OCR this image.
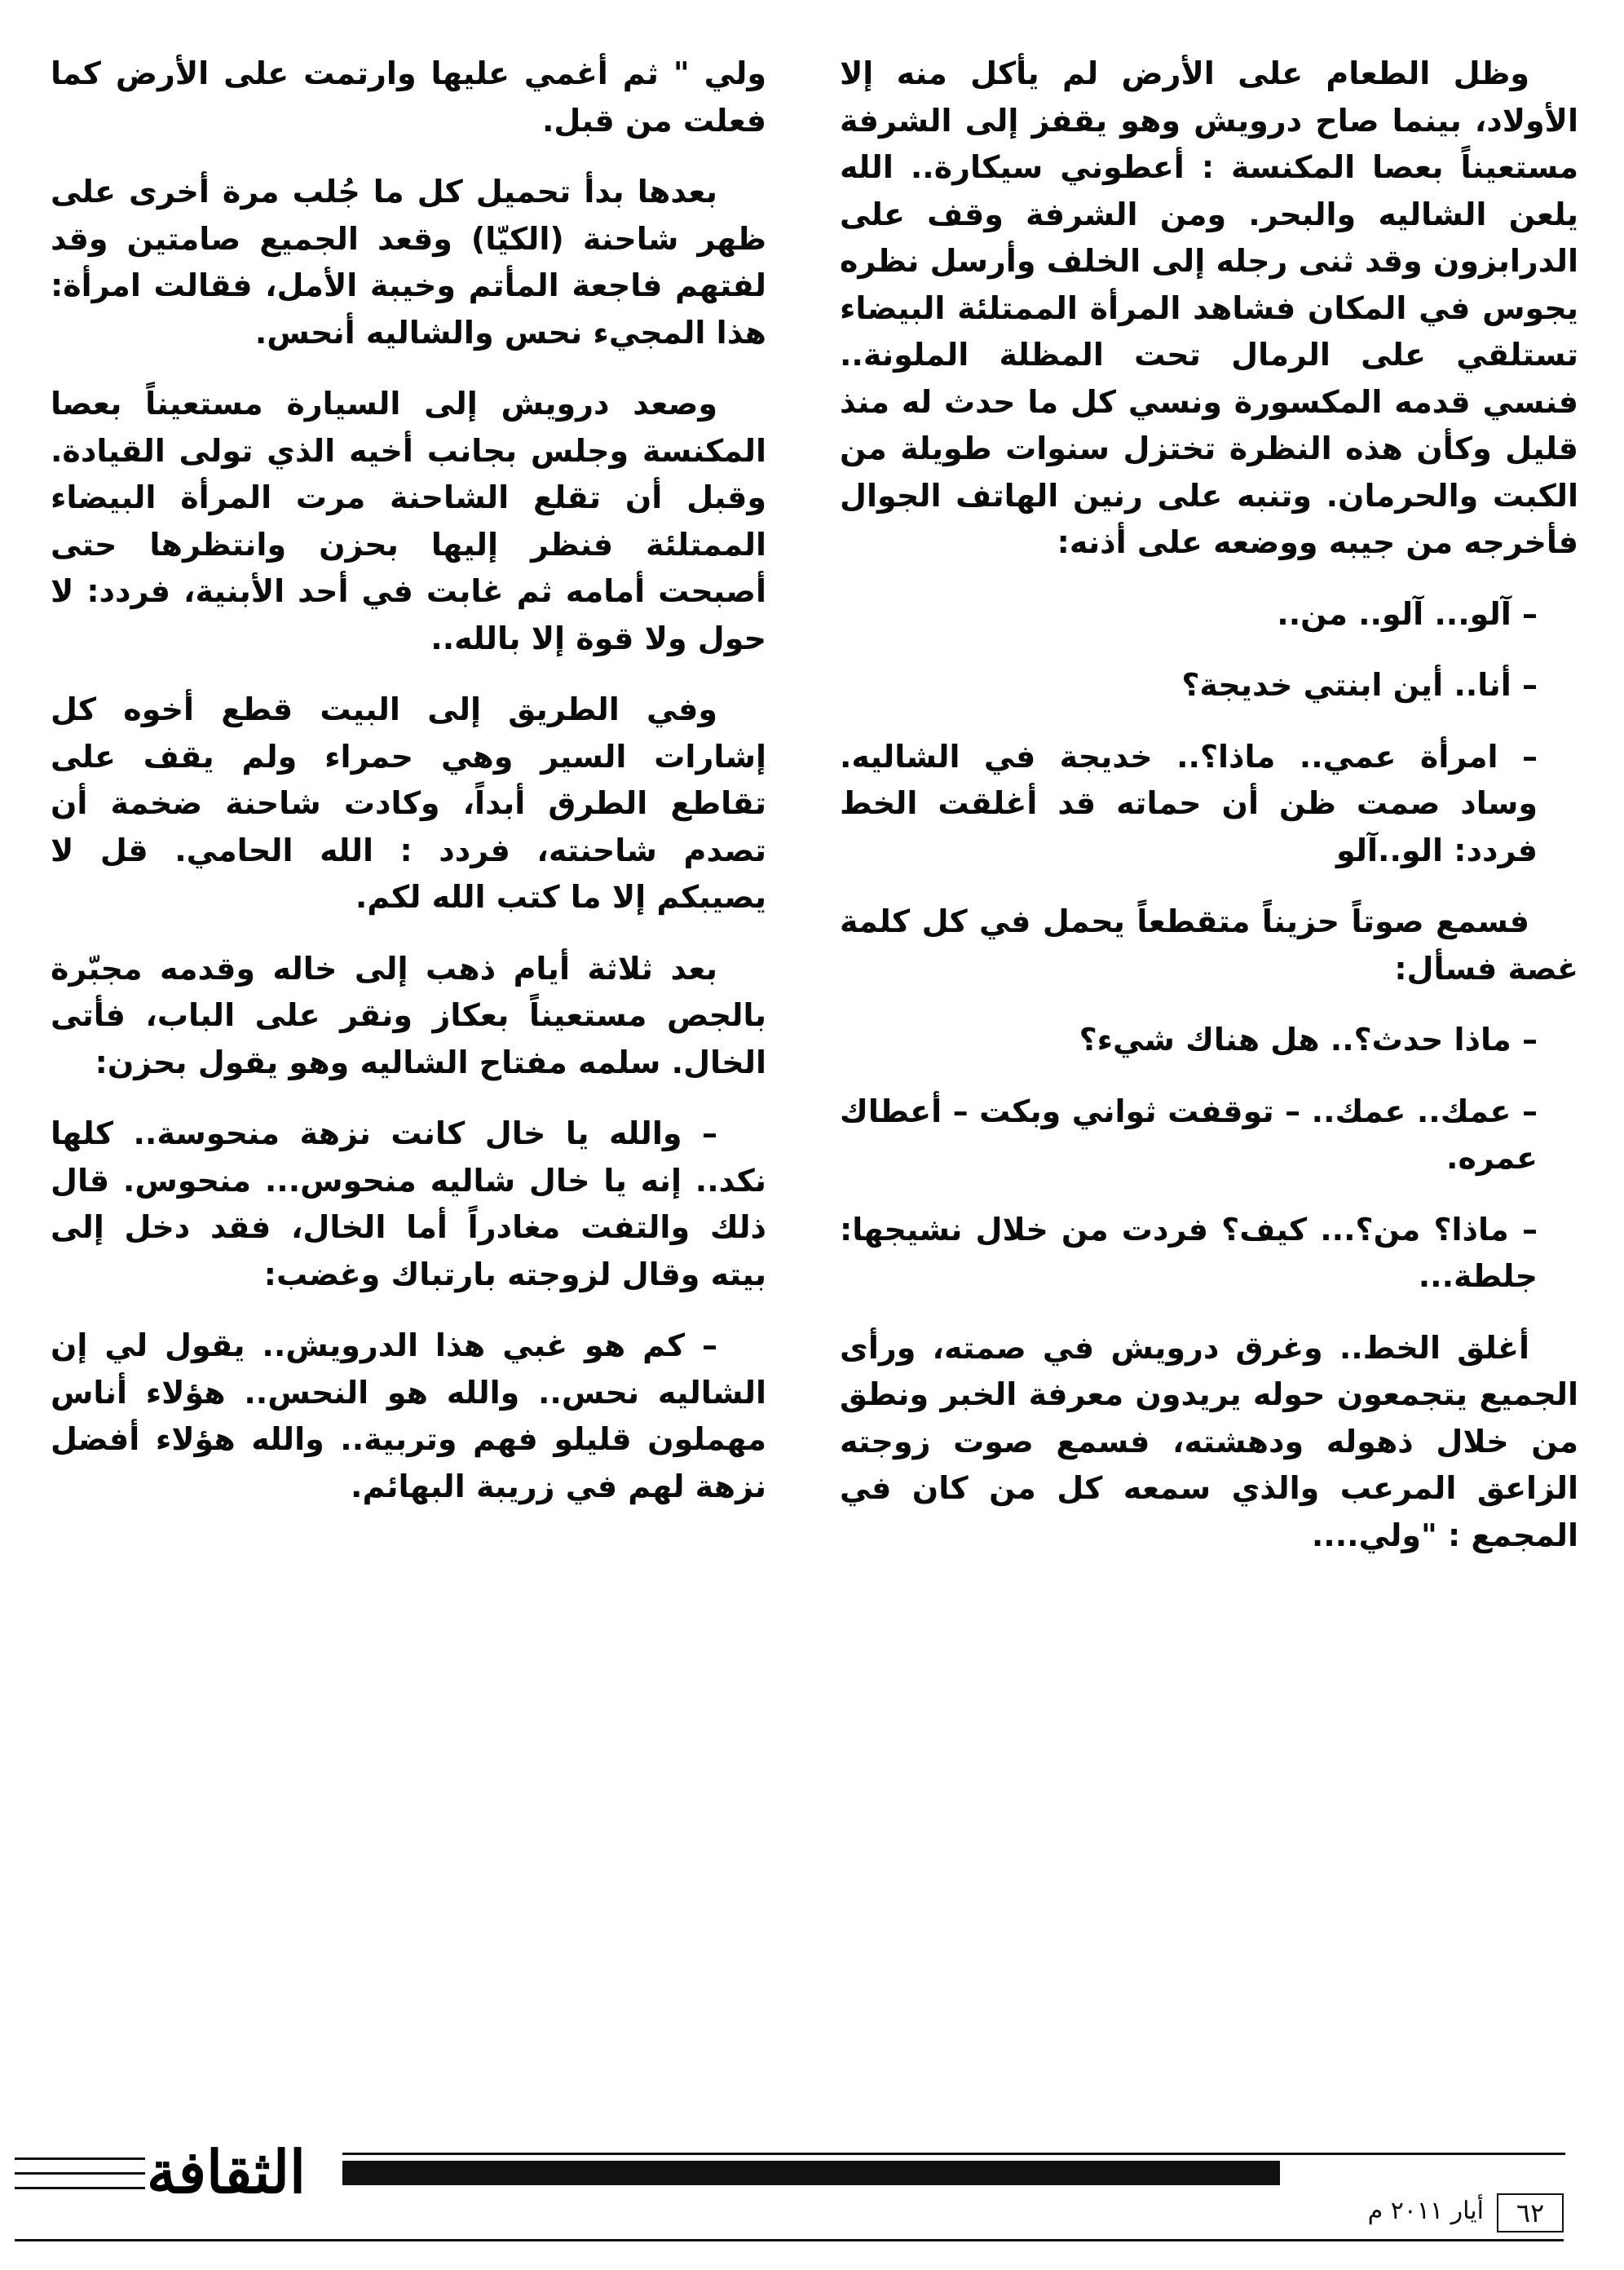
وظل الطعام على الأرض لم يأكل منه إلا الأولاد، بينما صاح درويش وهو يقفز إلى الشرفة مستعيناً بعصا المكنسة : أعطوني سيكارة.. الله يلعن الشاليه والبحر. ومن الشرفة وقف على الدرابزون وقد ثنى رجله إلى الخلف وأرسل نظره يجوس في المكان فشاهد المرأة الممتلئة البيضاء تستلقي على الرمال تحت المظلة الملونة.. فنسي قدمه المكسورة ونسي كل ما حدث له منذ قليل وكأن هذه النظرة تختزل سنوات طويلة من الكبت والحرمان. وتنبه على رنين الهاتف الجوال فأخرجه من جيبه ووضعه على أذنه:

– آلو... آلو.. من..

– أنا.. أين ابنتي خديجة؟

– امرأة عمي.. ماذا؟.. خديجة في الشاليه. وساد صمت ظن أن حماته قد أغلقت الخط فردد: الو..آلو

فسمع صوتاً حزيناً متقطعاً يحمل في كل كلمة غصة فسأل:

– ماذا حدث؟.. هل هناك شيء؟

– عمك.. عمك.. – توقفت ثواني وبكت – أعطاك عمره.

– ماذا؟ من؟... كيف؟ فردت من خلال نشيجها: جلطة...

أغلق الخط.. وغرق درويش في صمته، ورأى الجميع يتجمعون حوله يريدون معرفة الخبر ونطق من خلال ذهوله ودهشته، فسمع صوت زوجته الزاعق المرعب والذي سمعه كل من كان في المجمع : "ولي....

ولي " ثم أغمي عليها وارتمت على الأرض كما فعلت من قبل.

بعدها بدأ تحميل كل ما جُلب مرة أخرى على ظهر شاحنة (الكيّا) وقعد الجميع صامتين وقد لفتهم فاجعة المأتم وخيبة الأمل، فقالت امرأة: هذا المجيء نحس والشاليه أنحس.

وصعد درويش إلى السيارة مستعيناً بعصا المكنسة وجلس بجانب أخيه الذي تولى القيادة. وقبل أن تقلع الشاحنة مرت المرأة البيضاء الممتلئة فنظر إليها بحزن وانتظرها حتى أصبحت أمامه ثم غابت في أحد الأبنية، فردد: لا حول ولا قوة إلا بالله..

وفي الطريق إلى البيت قطع أخوه كل إشارات السير وهي حمراء ولم يقف على تقاطع الطرق أبداً، وكادت شاحنة ضخمة أن تصدم شاحنته، فردد : الله الحامي. قل لا يصيبكم إلا ما كتب الله لكم.

بعد ثلاثة أيام ذهب إلى خاله وقدمه مجبّرة بالجص مستعيناً بعكاز ونقر على الباب، فأتى الخال. سلمه مفتاح الشاليه وهو يقول بحزن:

– والله يا خال كانت نزهة منحوسة.. كلها نكد.. إنه يا خال شاليه منحوس... منحوس. قال ذلك والتفت مغادراً أما الخال، فقد دخل إلى بيته وقال لزوجته بارتباك وغضب:

– كم هو غبي هذا الدرويش.. يقول لي إن الشاليه نحس.. والله هو النحس.. هؤلاء أناس مهملون قليلو فهم وتربية.. والله هؤلاء أفضل نزهة لهم في زريبة البهائم.

الثقافة
أيار ٢٠١١ م	٦٢
